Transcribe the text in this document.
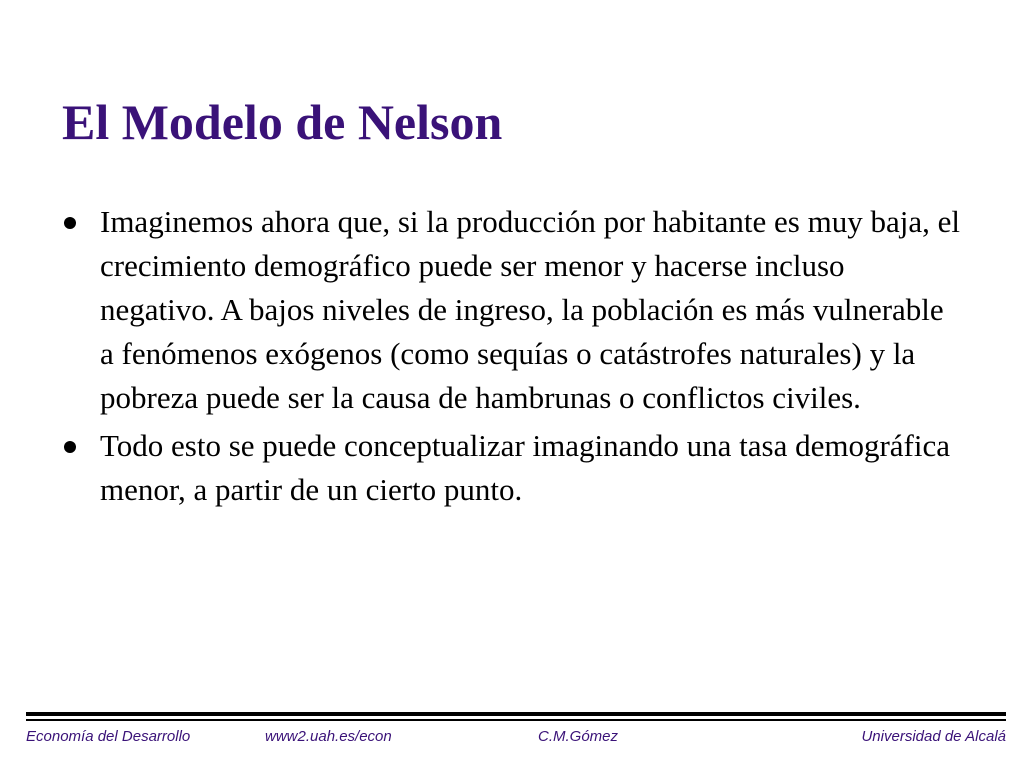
El Modelo de Nelson
Imaginemos ahora que, si la producción por habitante es muy baja, el crecimiento demográfico puede ser menor y hacerse incluso negativo. A bajos niveles de ingreso, la población es más vulnerable a fenómenos exógenos (como sequías o catástrofes naturales) y la pobreza puede ser la causa de hambrunas o conflictos civiles.
Todo esto se puede conceptualizar imaginando una tasa demográfica menor, a partir de un cierto punto.
Economía del Desarrollo	www2.uah.es/econ	C.M.Gómez	Universidad de Alcalá
